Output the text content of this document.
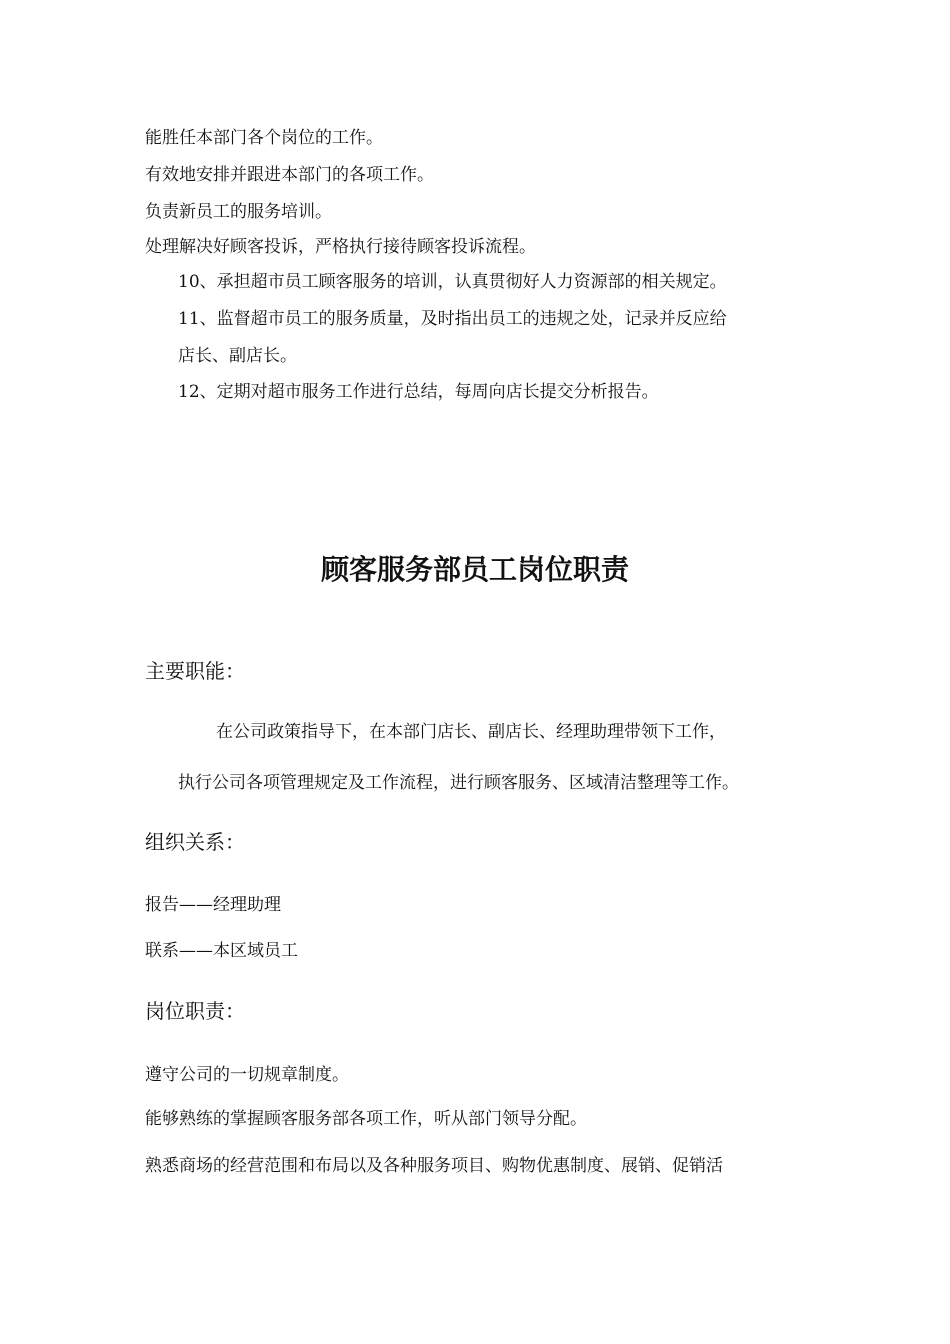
能胜任本部门各个岗位的工作。
有效地安排并跟进本部门的各项工作。
负责新员工的服务培训。
处理解决好顾客投诉，严格执行接待顾客投诉流程。
10、承担超市员工顾客服务的培训，认真贯彻好人力资源部的相关规定。
11、监督超市员工的服务质量，及时指出员工的违规之处，记录并反应给
店长、副店长。
12、定期对超市服务工作进行总结，每周向店长提交分析报告。
顾客服务部员工岗位职责
主要职能：
在公司政策指导下，在本部门店长、副店长、经理助理带领下工作，
执行公司各项管理规定及工作流程，进行顾客服务、区域清洁整理等工作。
组织关系：
报告——经理助理
联系——本区域员工
岗位职责：
遵守公司的一切规章制度。
能够熟练的掌握顾客服务部各项工作，听从部门领导分配。
熟悉商场的经营范围和布局以及各种服务项目、购物优惠制度、展销、促销活
